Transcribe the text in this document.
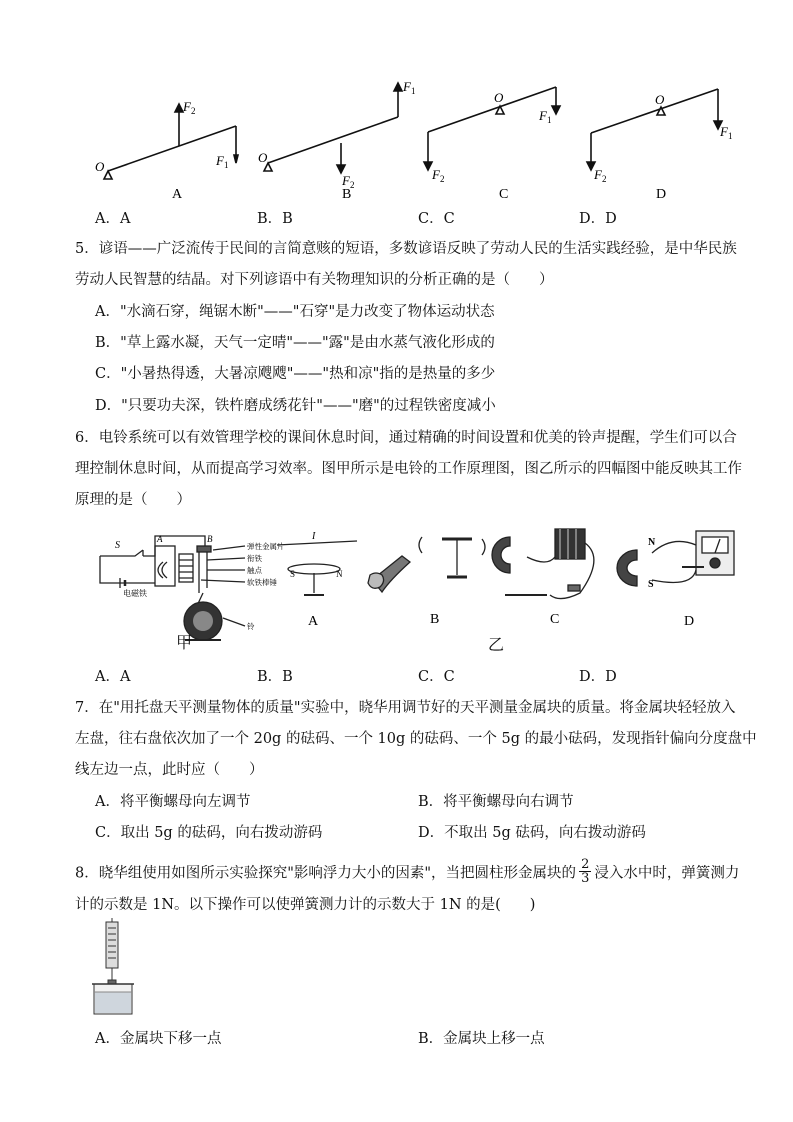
$F_2$
$F_1$
O
A
$F_1$
$F_2$
O
B
O
$F_1$
$F_2$
C
O
$F_1$
$F_2$
D
A．A	B．B	C．C	D．D
5．谚语——广泛流传于民间的言简意赅的短语，多数谚语反映了劳动人民的生活实践经验，是中华民族
劳动人民智慧的结晶。对下列谚语中有关物理知识的分析正确的是（　　）
A．"水滴石穿，绳锯木断"——"石穿"是力改变了物体运动状态
B．"草上露水凝，天气一定晴"——"露"是由水蒸气液化形成的
C．"小暑热得透，大暑凉飕飕"——"热和凉"指的是热量的多少
D．"只要功夫深，铁杵磨成绣花针"——"磨"的过程铁密度减小
6．电铃系统可以有效管理学校的课间休息时间，通过精确的时间设置和优美的铃声提醒，学生们可以合
理控制休息时间，从而提高学习效率。图甲所示是电铃的工作原理图，图乙所示的四幅图中能反映其工作
原理的是（　　）
S
A	B
电磁铁
弹性金属片
衔铁
触点
软铁棒锤
铃
甲
I
S	N
A	B	C
N
S
D
乙
A．A	B．B	C．C	D．D
7．在"用托盘天平测量物体的质量"实验中，晓华用调节好的天平测量金属块的质量。将金属块轻轻放入
左盘，往右盘依次加了一个 20g 的砝码、一个 10g 的砝码、一个 5g 的最小砝码，发现指针偏向分度盘中
线左边一点，此时应（　　）
A．将平衡螺母向左调节	B．将平衡螺母向右调节
C．取出 5g 的砝码，向右拨动游码	D．不取出 5g 砝码，向右拨动游码
8．晓华组使用如图所示实验探究"影响浮力大小的因素"，当把圆柱形金属块的 $\frac{2}{3}$ 浸入水中时，弹簧测力
计的示数是 1N。以下操作可以使弹簧测力计的示数大于 1N 的是(　　)
A．金属块下移一点	B．金属块上移一点
